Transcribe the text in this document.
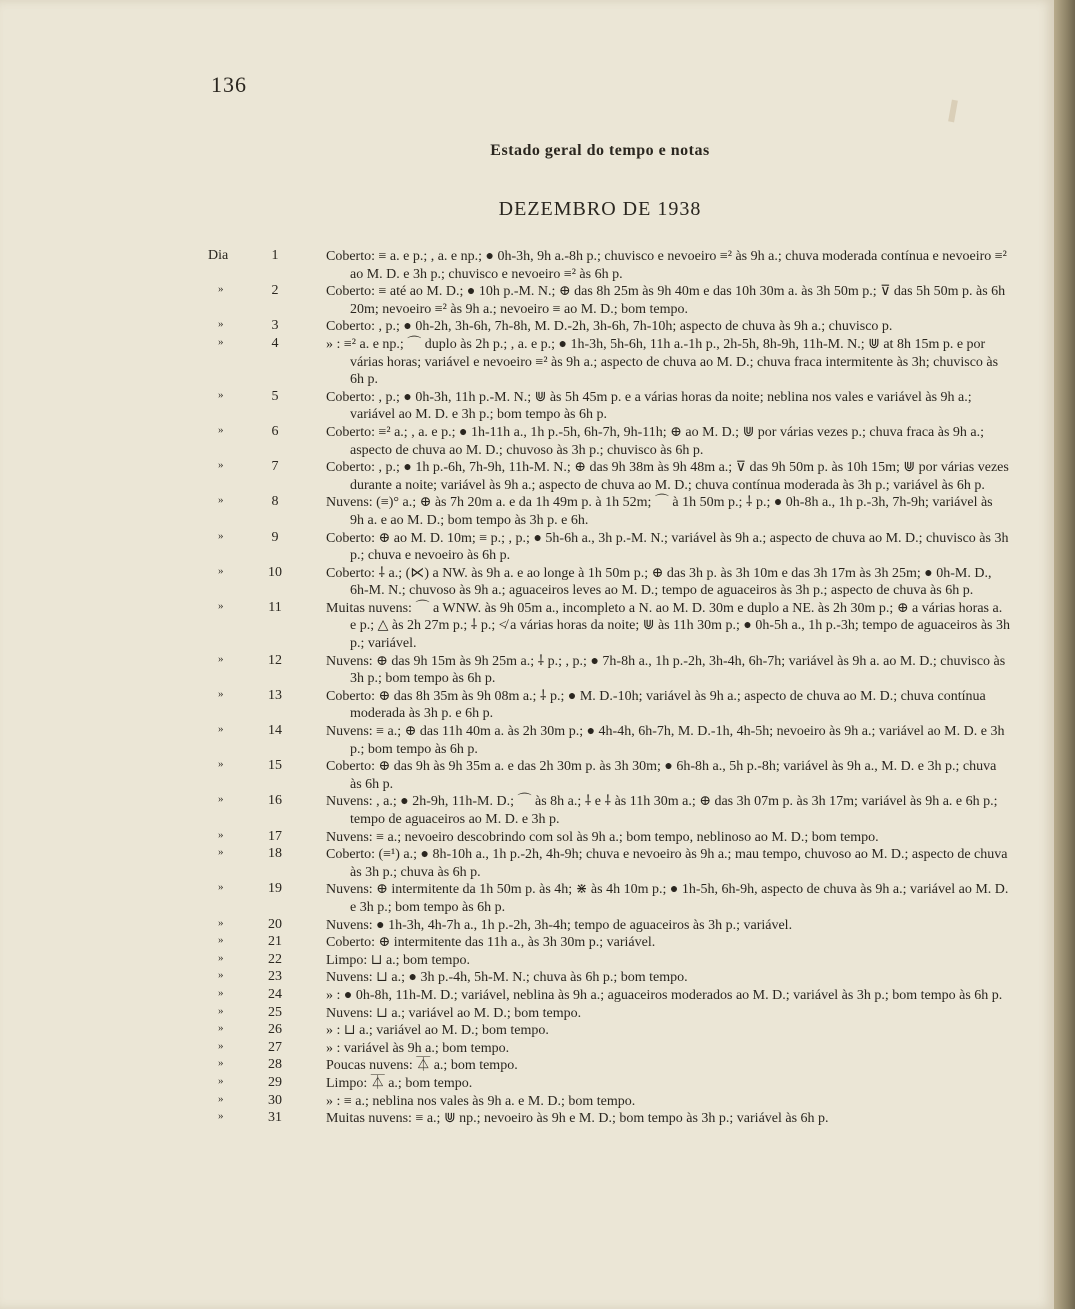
136
Estado geral do tempo e notas
DEZEMBRO DE 1938
Dia	1	Coberto: ≡ a. e p.; , a. e np.; ● 0h-3h, 9h a.-8h p.; chuvisco e nevoeiro ≡² às 9h a.; chuva moderada contínua e nevoeiro ≡² ao M. D. e 3h p.; chuvisco e nevoeiro ≡² às 6h p.
»	2	Coberto: ≡ até ao M. D.; ● 10h p.-M. N.; ⊕ das 8h 25m às 9h 40m e das 10h 30m a. às 3h 50m p.; ⊽ das 5h 50m p. às 6h 20m; nevoeiro ≡² às 9h a.; nevoeiro ≡ ao M. D.; bom tempo.
»	3	Coberto: , p.; ● 0h-2h, 3h-6h, 7h-8h, M. D.-2h, 3h-6h, 7h-10h; aspecto de chuva às 9h a.; chuvisco p.
»	4	» : ≡² a. e np.; ⌒ duplo às 2h p.; , a. e p.; ● 1h-3h, 5h-6h, 11h a.-1h p., 2h-5h, 8h-9h, 11h-M. N.; ⋓ at 8h 15m p. e por várias horas; variável e nevoeiro ≡² às 9h a.; aspecto de chuva ao M. D.; chuva fraca intermitente às 3h; chuvisco às 6h p.
»	5	Coberto: , p.; ● 0h-3h, 11h p.-M. N.; ⋓ às 5h 45m p. e a várias horas da noite; neblina nos vales e variável às 9h a.; variável ao M. D. e 3h p.; bom tempo às 6h p.
»	6	Coberto: ≡² a.; , a. e p.; ● 1h-11h a., 1h p.-5h, 6h-7h, 9h-11h; ⊕ ao M. D.; ⋓ por várias vezes p.; chuva fraca às 9h a.; aspecto de chuva ao M. D.; chuvoso às 3h p.; chuvisco às 6h p.
»	7	Coberto: , p.; ● 1h p.-6h, 7h-9h, 11h-M. N.; ⊕ das 9h 38m às 9h 48m a.; ⊽ das 9h 50m p. às 10h 15m; ⋓ por várias vezes durante a noite; variável às 9h a.; aspecto de chuva ao M. D.; chuva contínua moderada às 3h p.; variável às 6h p.
»	8	Nuvens: (≡)° a.; ⊕ às 7h 20m a. e da 1h 49m p. à 1h 52m; ⌒ à 1h 50m p.; ⸸ p.; ● 0h-8h a., 1h p.-3h, 7h-9h; variável às 9h a. e ao M. D.; bom tempo às 3h p. e 6h.
»	9	Coberto: ⊕ ao M. D. 10m; ≡ p.; , p.; ● 5h-6h a., 3h p.-M. N.; variável às 9h a.; aspecto de chuva ao M. D.; chuvisco às 3h p.; chuva e nevoeiro às 6h p.
»	10	Coberto: ⸸ a.; (⋉) a NW. às 9h a. e ao longe à 1h 50m p.; ⊕ das 3h p. às 3h 10m e das 3h 17m às 3h 25m; ● 0h-M. D., 6h-M. N.; chuvoso às 9h a.; aguaceiros leves ao M. D.; tempo de aguaceiros às 3h p.; aspecto de chuva às 6h p.
»	11	Muitas nuvens: ⌒ a WNW. às 9h 05m a., incompleto a N. ao M. D. 30m e duplo a NE. às 2h 30m p.; ⊕ a várias horas a. e p.; △ às 2h 27m p.; ⸸ p.; ≮ a várias horas da noite; ⋓ às 11h 30m p.; ● 0h-5h a., 1h p.-3h; tempo de aguaceiros às 3h p.; variável.
»	12	Nuvens: ⊕ das 9h 15m às 9h 25m a.; ⸸ p.; , p.; ● 7h-8h a., 1h p.-2h, 3h-4h, 6h-7h; variável às 9h a. ao M. D.; chuvisco às 3h p.; bom tempo às 6h p.
»	13	Coberto: ⊕ das 8h 35m às 9h 08m a.; ⸸ p.; ● M. D.-10h; variável às 9h a.; aspecto de chuva ao M. D.; chuva contínua moderada às 3h p. e 6h p.
»	14	Nuvens: ≡ a.; ⊕ das 11h 40m a. às 2h 30m p.; ● 4h-4h, 6h-7h, M. D.-1h, 4h-5h; nevoeiro às 9h a.; variável ao M. D. e 3h p.; bom tempo às 6h p.
»	15	Coberto: ⊕ das 9h às 9h 35m a. e das 2h 30m p. às 3h 30m; ● 6h-8h a., 5h p.-8h; variável às 9h a., M. D. e 3h p.; chuva às 6h p.
»	16	Nuvens: , a.; ● 2h-9h, 11h-M. D.; ⌒ às 8h a.; ⸸ e ⸸ às 11h 30m a.; ⊕ das 3h 07m p. às 3h 17m; variável às 9h a. e 6h p.; tempo de aguaceiros ao M. D. e 3h p.
»	17	Nuvens: ≡ a.; nevoeiro descobrindo com sol às 9h a.; bom tempo, neblinoso ao M. D.; bom tempo.
»	18	Coberto: (≡¹) a.; ● 8h-10h a., 1h p.-2h, 4h-9h; chuva e nevoeiro às 9h a.; mau tempo, chuvoso ao M. D.; aspecto de chuva às 3h p.; chuva às 6h p.
»	19	Nuvens: ⊕ intermitente da 1h 50m p. às 4h; ⋇ às 4h 10m p.; ● 1h-5h, 6h-9h, aspecto de chuva às 9h a.; variável ao M. D. e 3h p.; bom tempo às 6h p.
»	20	Nuvens: ● 1h-3h, 4h-7h a., 1h p.-2h, 3h-4h; tempo de aguaceiros às 3h p.; variável.
»	21	Coberto: ⊕ intermitente das 11h a., às 3h 30m p.; variável.
»	22	Limpo: ⊔ a.; bom tempo.
»	23	Nuvens: ⊔ a.; ● 3h p.-4h, 5h-M. N.; chuva às 6h p.; bom tempo.
»	24	» : ● 0h-8h, 11h-M. D.; variável, neblina às 9h a.; aguaceiros moderados ao M. D.; variável às 3h p.; bom tempo às 6h p.
»	25	Nuvens: ⊔ a.; variável ao M. D.; bom tempo.
»	26	» : ⊔ a.; variável ao M. D.; bom tempo.
»	27	» : variável às 9h a.; bom tempo.
»	28	Poucas nuvens: ⏄ a.; bom tempo.
»	29	Limpo: ⏄ a.; bom tempo.
»	30	» : ≡ a.; neblina nos vales às 9h a. e M. D.; bom tempo.
»	31	Muitas nuvens: ≡ a.; ⋓ np.; nevoeiro às 9h e M. D.; bom tempo às 3h p.; variável às 6h p.
